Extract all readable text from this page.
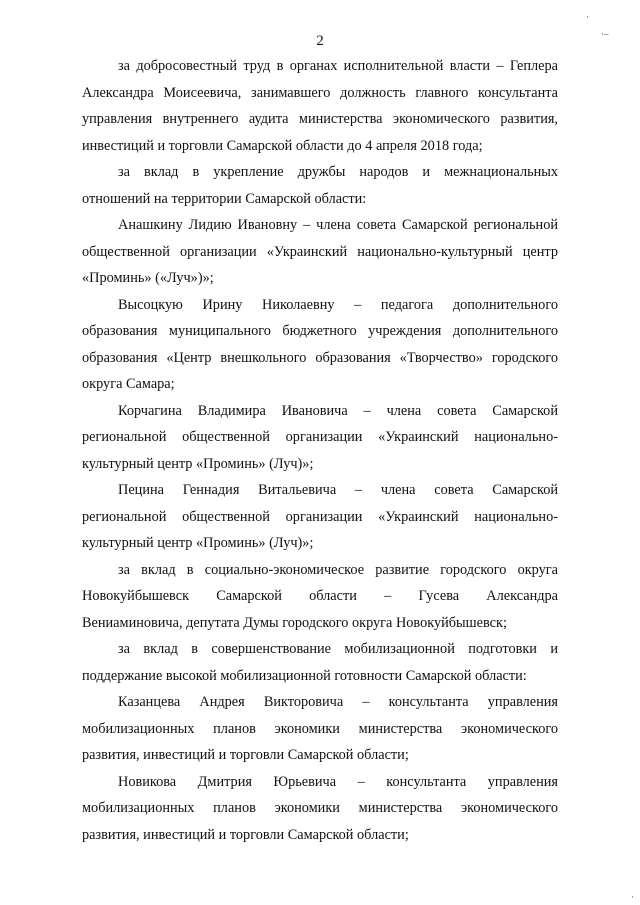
2
·
·–
·
за добросовестный труд в органах исполнительной власти – Геплера
Александра Моисеевича, занимавшего должность главного консультанта
управления внутреннего аудита министерства экономического развития,
инвестиций и торговли Самарской области до 4 апреля 2018 года;
за вклад в укрепление дружбы народов и межнациональных
отношений на территории Самарской области:
Анашкину Лидию Ивановну – члена совета Самарской региональной
общественной организации «Украинский национально-культурный центр
«Проминь» («Луч»)»;
Высоцкую Ирину Николаевну – педагога дополнительного
образования муниципального бюджетного учреждения дополнительного
образования «Центр внешкольного образования «Творчество» городского
округа Самара;
Корчагина Владимира Ивановича – члена совета Самарской
региональной общественной организации «Украинский национально-
культурный центр «Проминь» (Луч)»;
Пецина Геннадия Витальевича – члена совета Самарской
региональной общественной организации «Украинский национально-
культурный центр «Проминь» (Луч)»;
за вклад в социально-экономическое развитие городского округа
Новокуйбышевск Самарской области – Гусева Александра
Вениаминовича, депутата Думы городского округа Новокуйбышевск;
за вклад в совершенствование мобилизационной подготовки и
поддержание высокой мобилизационной готовности Самарской области:
Казанцева Андрея Викторовича – консультанта управления
мобилизационных планов экономики министерства экономического
развития, инвестиций и торговли Самарской области;
Новикова Дмитрия Юрьевича – консультанта управления
мобилизационных планов экономики министерства экономического
развития, инвестиций и торговли Самарской области;
